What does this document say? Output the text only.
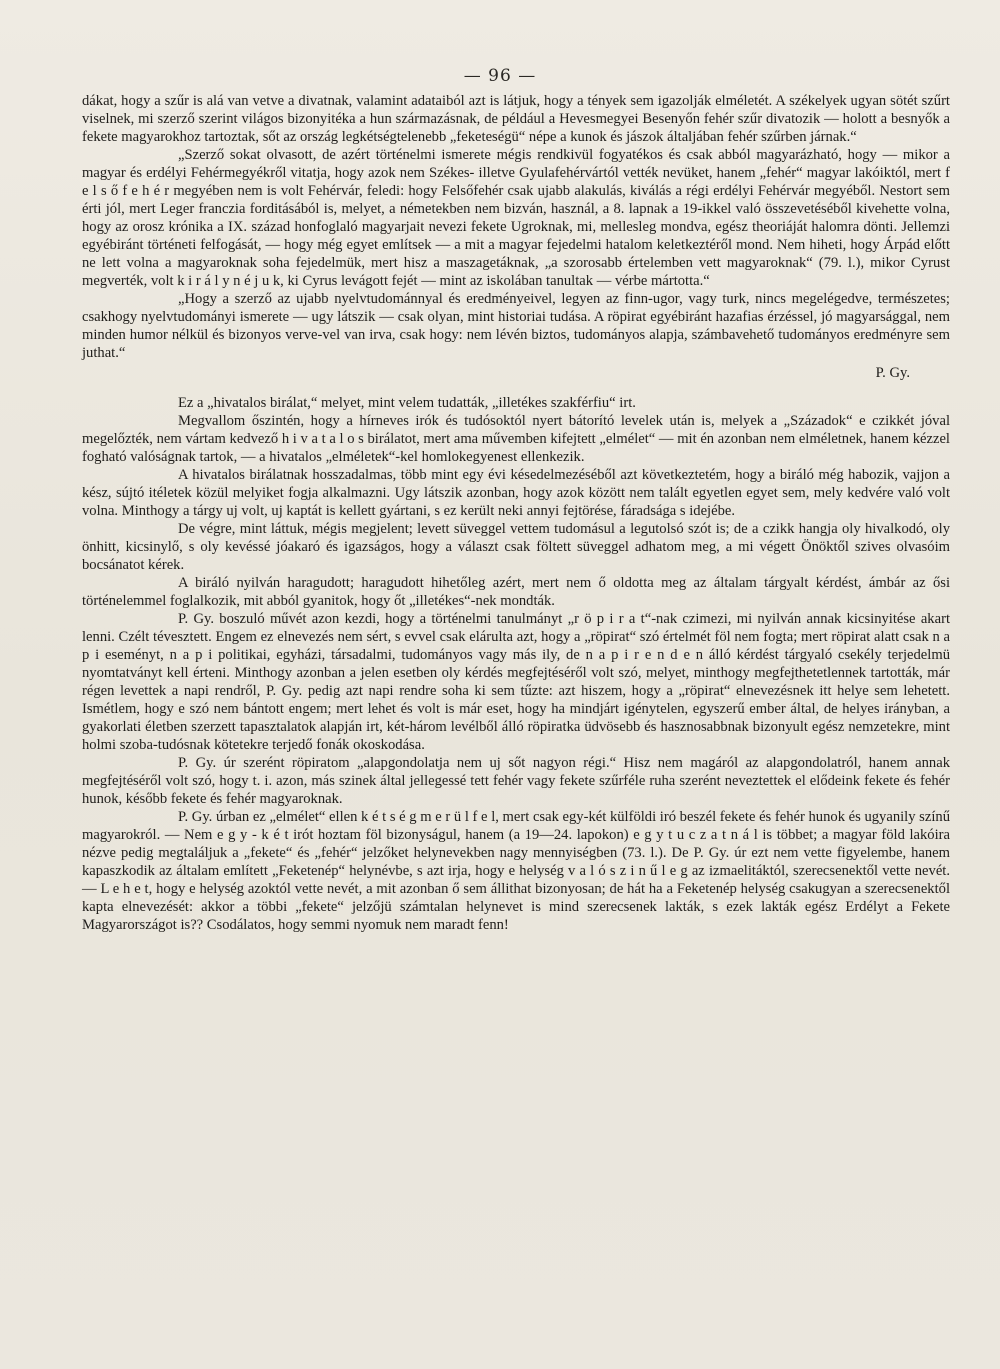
— 96 —

dákat, hogy a szűr is alá van vetve a divatnak, valamint adataiból azt is látjuk, hogy a tények sem igazolják elméletét. A székelyek ugyan sötét szűrt viselnek, mi szerző szerint világos bizonyitéka a hun származásnak, de például a Hevesmegyei Besenyőn fehér szűr divatozik — holott a besnyők a fekete magyarokhoz tartoztak, sőt az ország legkétségtelenebb „feketeségü“ népe a kunok és jászok általjában fehér szűrben járnak.“

„Szerző sokat olvasott, de azért történelmi ismerete mégis rendkivül fogyatékos és csak abból magyarázható, hogy — mikor a magyar és erdélyi Fehérmegyékről vitatja, hogy azok nem Székes- illetve Gyulafehérvártól vették nevüket, hanem „fehér“ magyar lakóiktól, mert f e l s ő f e h é r megyében nem is volt Fehérvár, feledi: hogy Felsőfehér csak ujabb alakulás, kiválás a régi erdélyi Fehérvár megyéből. Nestort sem érti jól, mert Leger franczia forditásából is, melyet, a németekben nem bizván, használ, a 8. lapnak a 19-ikkel való összevetéséből kivehette volna, hogy az orosz krónika a IX. század honfoglaló magyarjait nevezi fekete Ugroknak, mi, mellesleg mondva, egész theoriáját halomra dönti. Jellemzi egyébiránt történeti felfogását, — hogy még egyet említsek — a mit a magyar fejedelmi hatalom keletkeztéről mond. Nem hiheti, hogy Árpád előtt ne lett volna a magyaroknak soha fejedelmük, mert hisz a maszagetáknak, „a szorosabb értelemben vett magyaroknak“ (79. l.), mikor Cyrust megverték, volt k i r á l y n é j u k, ki Cyrus levágott fejét — mint az iskolában tanultak — vérbe mártotta.“

„Hogy a szerző az ujabb nyelvtudománnyal és eredményeivel, legyen az finn-ugor, vagy turk, nincs megelégedve, természetes; csakhogy nyelvtudományi ismerete — ugy látszik — csak olyan, mint historiai tudása. A röpirat egyébiránt hazafias érzéssel, jó magyarsággal, nem minden humor nélkül és bizonyos verve-vel van irva, csak hogy: nem lévén biztos, tudományos alapja, számbavehető tudományos eredményre sem juthat.“

P. Gy.

Ez a „hivatalos birálat,“ melyet, mint velem tudatták, „illetékes szakférfiu“ irt.

Megvallom őszintén, hogy a hírneves irók és tudósoktól nyert bátorító levelek után is, melyek a „Századok“ e czikkét jóval megelőzték, nem vártam kedvező h i v a t a l o s birálatot, mert ama művemben kifejtett „elmélet“ — mit én azonban nem elméletnek, hanem kézzel fogható valóságnak tartok, — a hivatalos „elméletek“-kel homlokegyenest ellenkezik.

A hivatalos birálatnak hosszadalmas, több mint egy évi késedelmezéséből azt következtetém, hogy a biráló még habozik, vajjon a kész, sújtó itéletek közül melyiket fogja alkalmazni. Ugy látszik azonban, hogy azok között nem talált egyetlen egyet sem, mely kedvére való volt volna. Minthogy a tárgy uj volt, uj kaptát is kellett gyártani, s ez került neki annyi fejtörése, fáradsága s idejébe.

De végre, mint láttuk, mégis megjelent; levett süveggel vettem tudomásul a legutolsó szót is; de a czikk hangja oly hivalkodó, oly önhitt, kicsinylő, s oly kevéssé jóakaró és igazságos, hogy a választ csak föltett süveggel adhatom meg, a mi végett Önöktől szives olvasóim bocsánatot kérek.

A biráló nyilván haragudott; haragudott hihetőleg azért, mert nem ő oldotta meg az általam tárgyalt kérdést, ámbár az ősi történelemmel foglalkozik, mit abból gyanitok, hogy őt „illetékes“-nek mondták.

P. Gy. boszuló művét azon kezdi, hogy a történelmi tanulmányt „r ö p i r a t“-nak czimezi, mi nyilván annak kicsinyitése akart lenni. Czélt tévesztett. Engem ez elnevezés nem sért, s evvel csak elárulta azt, hogy a „röpirat“ szó értelmét föl nem fogta; mert röpirat alatt csak n a p i eseményt, n a p i politikai, egyházi, társadalmi, tudományos vagy más ily, de n a p i r e n d e n álló kérdést tárgyaló csekély terjedelmü nyomtatványt kell érteni. Minthogy azonban a jelen esetben oly kérdés megfejtéséről volt szó, melyet, minthogy megfejthetetlennek tartották, már régen levettek a napi rendről, P. Gy. pedig azt napi rendre soha ki sem tűzte: azt hiszem, hogy a „röpirat“ elnevezésnek itt helye sem lehetett. Ismétlem, hogy e szó nem bántott engem; mert lehet és volt is már eset, hogy ha mindjárt igénytelen, egyszerű ember által, de helyes irányban, a gyakorlati életben szerzett tapasztalatok alapján irt, két-három levélből álló röpiratka üdvösebb és hasznosabbnak bizonyult egész nemzetekre, mint holmi szoba-tudósnak kötetekre terjedő fonák okoskodása.

P. Gy. úr szerént röpiratom „alapgondolatja nem uj sőt nagyon régi.“ Hisz nem magáról az alapgondolatról, hanem annak megfejtéséről volt szó, hogy t. i. azon, más szinek által jellegessé tett fehér vagy fekete szűrféle ruha szerént neveztettek el elődeink fekete és fehér hunok, később fekete és fehér magyaroknak.

P. Gy. úrban ez „elmélet“ ellen k é t s é g m e r ü l f e l, mert csak egy-két külföldi iró beszél fekete és fehér hunok és ugyanily színű magyarokról. — Nem e g y - k é t irót hoztam föl bizonyságul, hanem (a 19—24. lapokon) e g y t u c z a t n á l is többet; a magyar föld lakóira nézve pedig megtaláljuk a „fekete“ és „fehér“ jelzőket helynevekben nagy mennyiségben (73. l.). De P. Gy. úr ezt nem vette figyelembe, hanem kapaszkodik az általam említett „Feketenép“ helynévbe, s azt irja, hogy e helység v a l ó s z i n ű l e g az izmaelitáktól, szerecsenektől vette nevét. — L e h e t, hogy e helység azoktól vette nevét, a mit azonban ő sem állithat bizonyosan; de hát ha a Feketenép helység csakugyan a szerecsenektől kapta elnevezését: akkor a többi „fekete“ jelzőjü számtalan helynevet is mind szerecsenek lakták, s ezek lakták egész Erdélyt a Fekete Magyarországot is?? Csodálatos, hogy semmi nyomuk nem maradt fenn!
